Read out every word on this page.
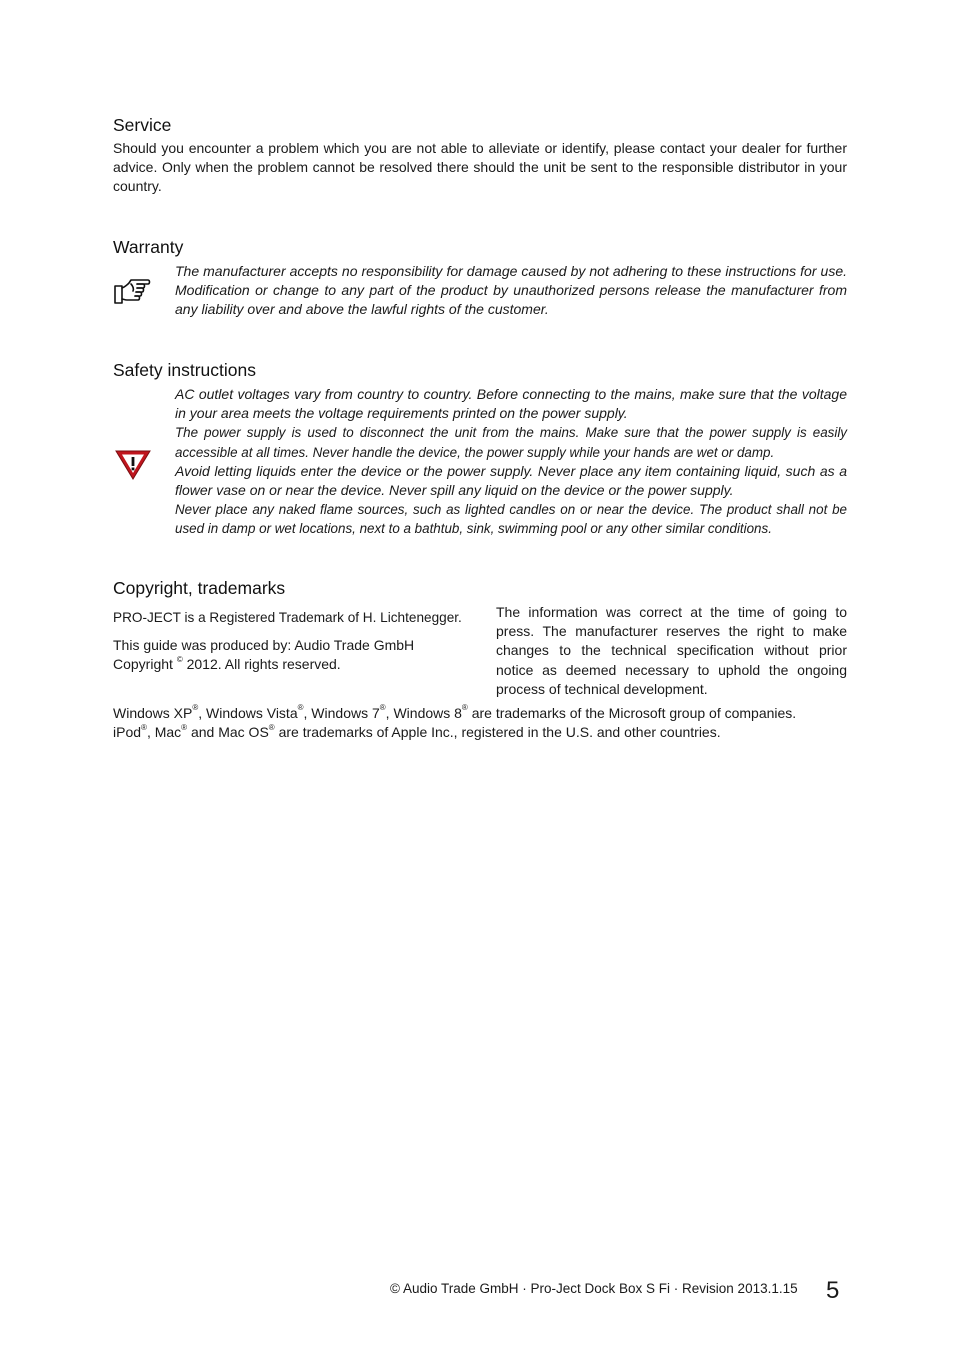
Service

Should you encounter a problem which you are not able to alleviate or identify, please contact your dealer for further advice. Only when the problem cannot be resolved there should the unit be sent to the responsible distributor in your country.

Warranty

The manufacturer accepts no responsibility for damage caused by not adhering to these instructions for use. Modification or change to any part of the product by unauthorized persons release the manufacturer from any liability over and above the lawful rights of the customer.

Safety instructions

AC outlet voltages vary from country to country. Before connecting to the mains, make sure that the voltage in your area meets the voltage requirements printed on the power supply.

The power supply is used to disconnect the unit from the mains. Make sure that the power supply is easily accessible at all times. Never handle the device, the power supply while your hands are wet or damp.

Avoid letting liquids enter the device or the power supply. Never place any item containing liquid, such as a flower vase on or near the device. Never spill any liquid on the device or the power supply.

Never place any naked flame sources, such as lighted candles on or near the device. The product shall not be used in damp or wet locations, next to a bathtub, sink, swimming pool or any other similar conditions.

Copyright, trademarks

PRO-JECT is a Registered Trademark of H. Lichtenegger.

This guide was produced by: Audio Trade GmbH

Copyright © 2012. All rights reserved.

The information was correct at the time of going to press. The manufacturer reserves the right to make changes to the technical specification without prior notice as deemed necessary to uphold the ongoing process of technical development.

Windows XP®, Windows Vista®, Windows 7®, Windows 8® are trademarks of the Microsoft group of companies.

iPod®, Mac® and Mac OS® are trademarks of Apple Inc., registered in the U.S. and other countries.

© Audio Trade GmbH · Pro-Ject Dock Box S Fi · Revision 2013.1.15 5
